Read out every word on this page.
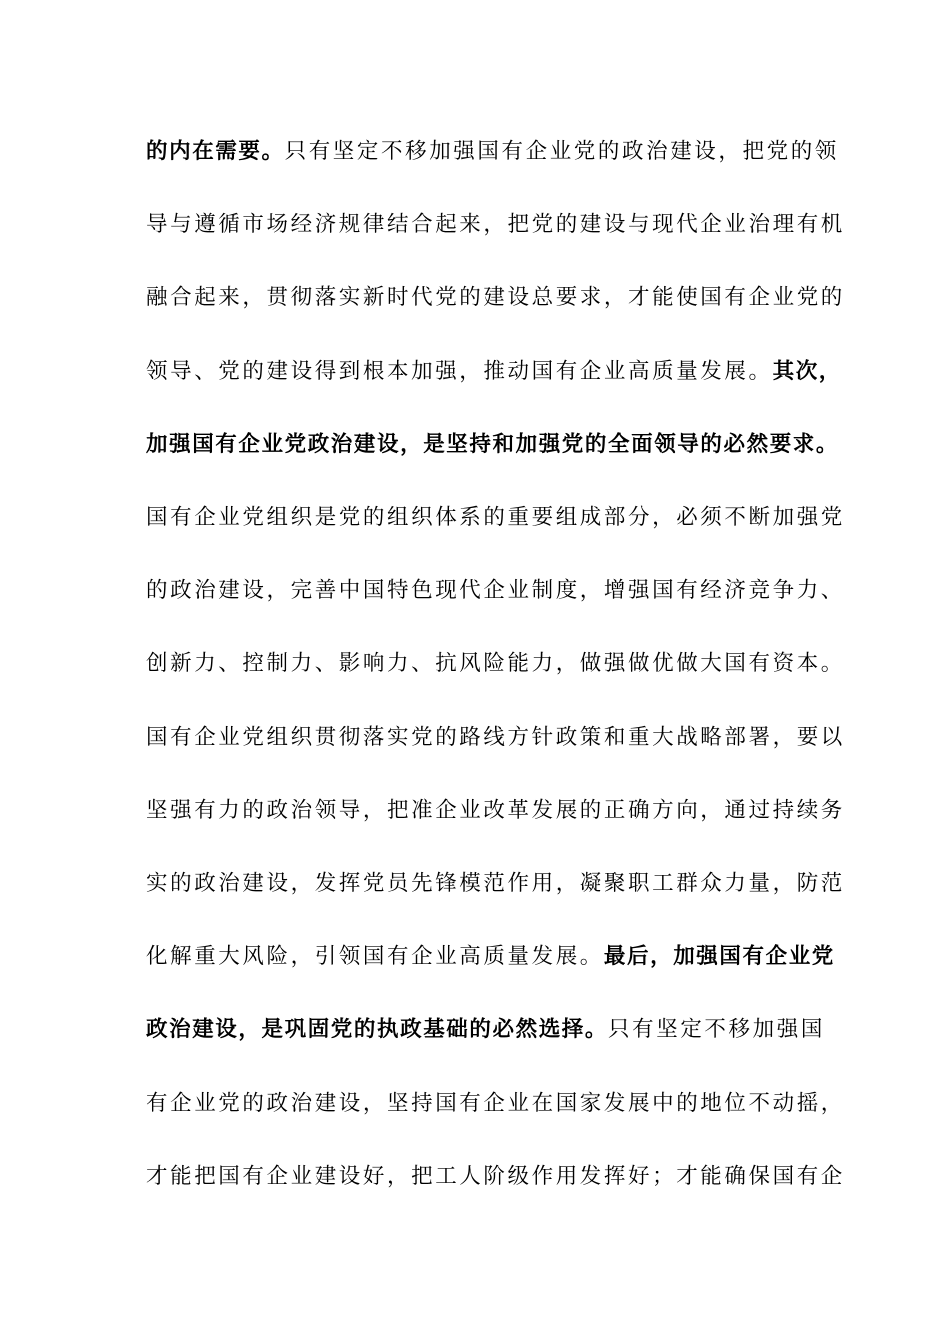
的内在需要。只有坚定不移加强国有企业党的政治建设，把党的领
导与遵循市场经济规律结合起来，把党的建设与现代企业治理有机
融合起来，贯彻落实新时代党的建设总要求，才能使国有企业党的
领导、党的建设得到根本加强，推动国有企业高质量发展。其次，
加强国有企业党政治建设，是坚持和加强党的全面领导的必然要求。
国有企业党组织是党的组织体系的重要组成部分，必须不断加强党
的政治建设，完善中国特色现代企业制度，增强国有经济竞争力、
创新力、控制力、影响力、抗风险能力，做强做优做大国有资本。
国有企业党组织贯彻落实党的路线方针政策和重大战略部署，要以
坚强有力的政治领导，把准企业改革发展的正确方向，通过持续务
实的政治建设，发挥党员先锋模范作用，凝聚职工群众力量，防范
化解重大风险，引领国有企业高质量发展。最后，加强国有企业党
政治建设，是巩固党的执政基础的必然选择。只有坚定不移加强国
有企业党的政治建设，坚持国有企业在国家发展中的地位不动摇，
才能把国有企业建设好，把工人阶级作用发挥好；才能确保国有企
